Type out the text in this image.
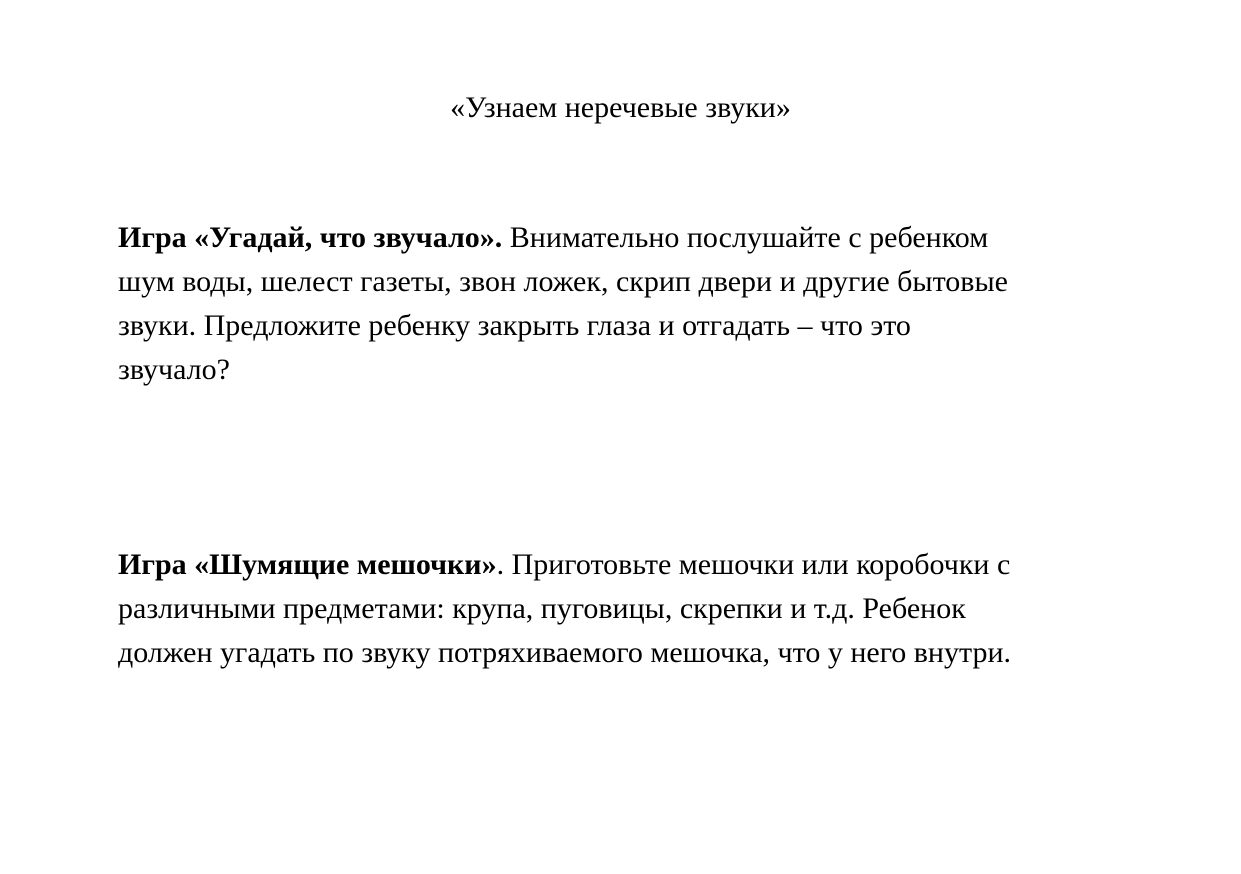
«Узнаем неречевые звуки»

Игра «Угадай, что звучало». Внимательно послушайте с ребенком
шум воды, шелест газеты, звон ложек, скрип двери и другие бытовые
звуки. Предложите ребенку закрыть глаза и отгадать – что это
звучало?

Игра «Шумящие мешочки». Приготовьте мешочки или коробочки с
различными предметами: крупа, пуговицы, скрепки и т.д. Ребенок
должен угадать по звуку потряхиваемого мешочка, что у него внутри.
